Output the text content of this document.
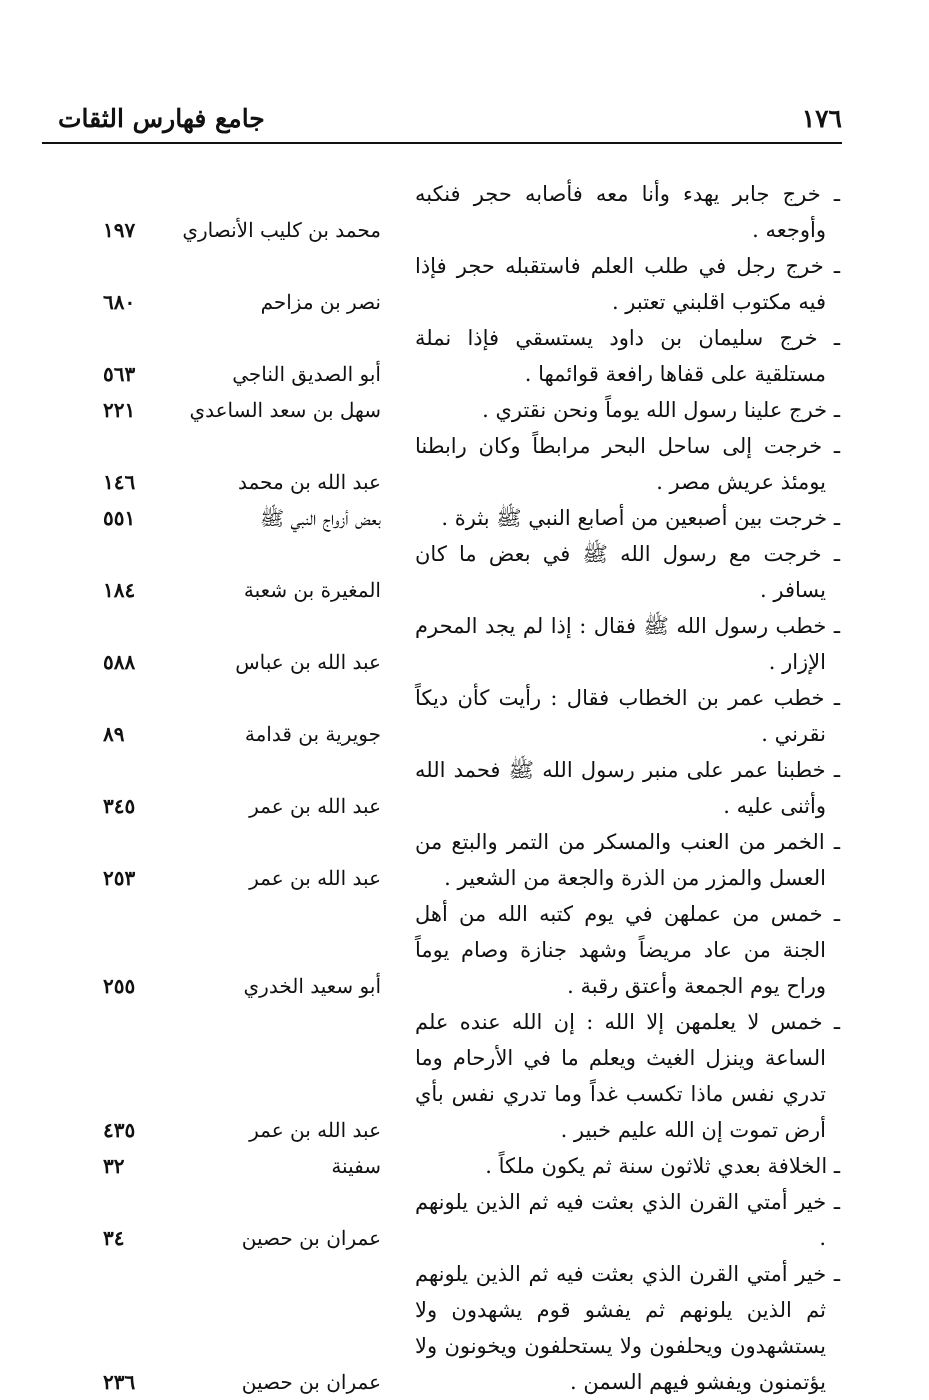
١٧٦
جامع فهارس الثقات
ـ خرج جابر يهدء وأنا معه فأصابه حجر فنكبه وأوجعه .
محمد بن كليب الأنصاري
١٩٧
ـ خرج رجل في طلب العلم فاستقبله حجر فإذا فيه مكتوب اقلبني تعتبر .
نصر بن مزاحم
٦٨٠
ـ خرج سليمان بن داود يستسقي فإذا نملة مستلقية على قفاها رافعة قوائمها .
أبو الصديق الناجي
٥٦٣
ـ خرج علينا رسول الله يوماً ونحن نقتري .
سهل بن سعد الساعدي
٢٢١
ـ خرجت إلى ساحل البحر مرابطاً وكان رابطنا يومئذ عريش مصر .
عبد الله بن محمد
١٤٦
ـ خرجت بين أصبعين من أصابع النبي ﷺ بثرة .
بعض أزواج النبي ﷺ
٥٥١
ـ خرجت مع رسول الله ﷺ في بعض ما كان يسافر .
المغيرة بن شعبة
١٨٤
ـ خطب رسول الله ﷺ فقال : إذا لم يجد المحرم الإزار .
عبد الله بن عباس
٥٨٨
ـ خطب عمر بن الخطاب فقال : رأيت كأن ديكاً نقرني .
جويرية بن قدامة
٨٩
ـ خطبنا عمر على منبر رسول الله ﷺ فحمد الله وأثنى عليه .
عبد الله بن عمر
٣٤٥
ـ الخمر من العنب والمسكر من التمر والبتع من العسل والمزر من الذرة والجعة من الشعير .
عبد الله بن عمر
٢٥٣
ـ خمس من عملهن في يوم كتبه الله من أهل الجنة من عاد مريضاً وشهد جنازة وصام يوماً وراح يوم الجمعة وأعتق رقبة .
أبو سعيد الخدري
٢٥٥
ـ خمس لا يعلمهن إلا الله : إن الله عنده علم الساعة وينزل الغيث ويعلم ما في الأرحام وما تدري نفس ماذا تكسب غداً وما تدري نفس بأي أرض تموت إن الله عليم خبير .
عبد الله بن عمر
٤٣٥
ـ الخلافة بعدي ثلاثون سنة ثم يكون ملكاً .
سفينة
٣٢
ـ خير أمتي القرن الذي بعثت فيه ثم الذين يلونهم .
عمران بن حصين
٣٤
ـ خير أمتي القرن الذي بعثت فيه ثم الذين يلونهم ثم الذين يلونهم ثم يفشو قوم يشهدون ولا يستشهدون ويحلفون ولا يستحلفون ويخونون ولا يؤتمنون ويفشو فيهم السمن .
عمران بن حصين
٢٣٦
